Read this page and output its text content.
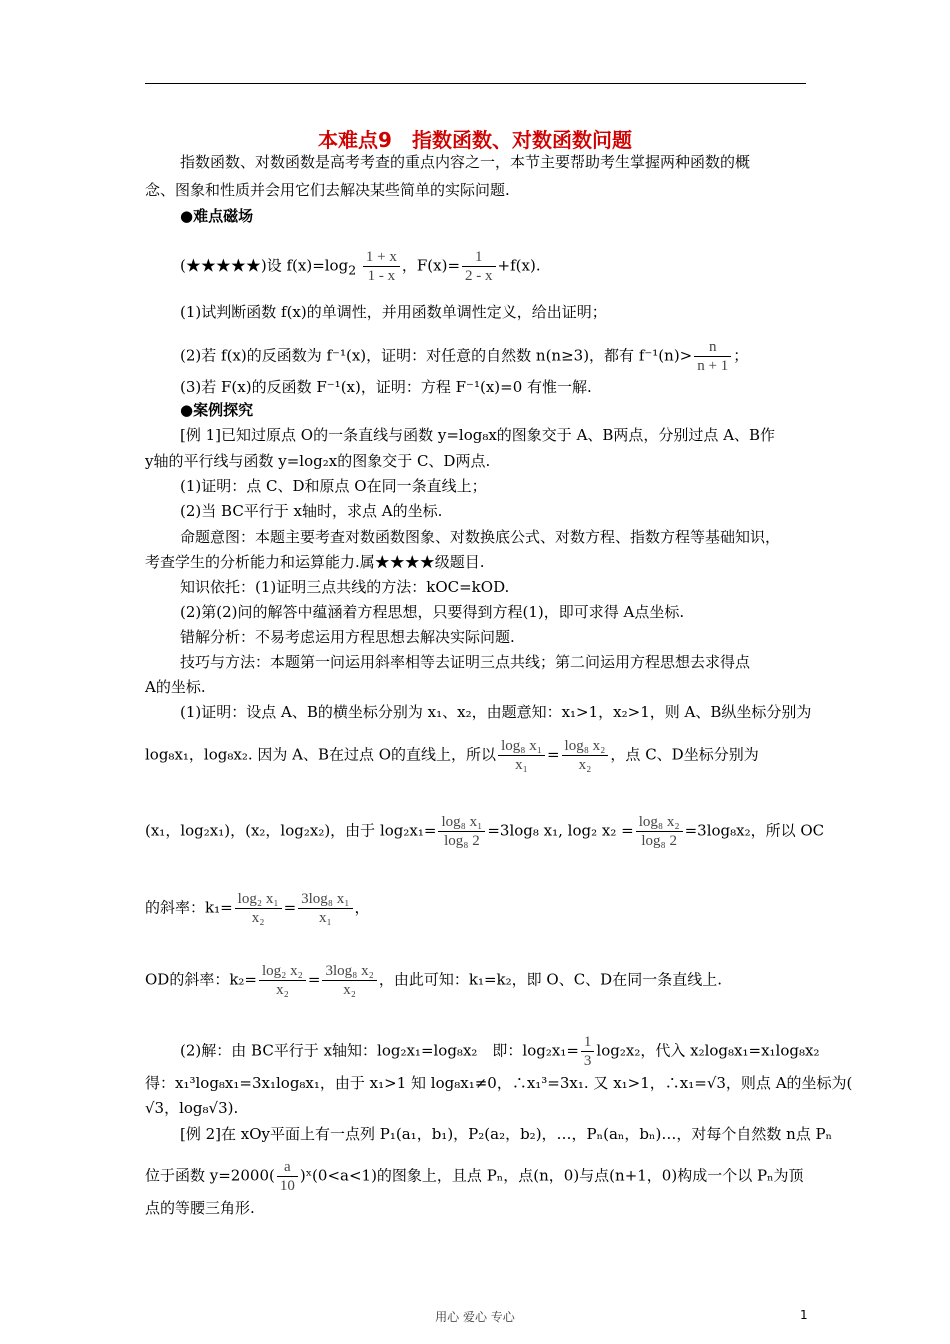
本难点9　指数函数、对数函数问题
指数函数、对数函数是高考考查的重点内容之一，本节主要帮助考生掌握两种函数的概
念、图象和性质并会用它们去解决某些简单的实际问题.
●难点磁场
(★★★★★)设 $f(x)=\log_2 \frac{1 + x}{1 - x}$ ，$F(x)= \frac{1}{2 - x} +f(x)$.
(1)试判断函数 f(x)的单调性，并用函数单调性定义，给出证明；
(2)若 f(x)的反函数为 f⁻¹(x)，证明：对任意的自然数 n(n≥3)，都有 $f^{-1}(n)> \frac{n}{n + 1}$ ；
(3)若 F(x)的反函数 F⁻¹(x)，证明：方程 F⁻¹(x)=0 有惟一解.
●案例探究
[例 1]已知过原点 O的一条直线与函数 y=log₈x的图象交于 A、B两点，分别过点 A、B作
y轴的平行线与函数 y=log₂x的图象交于 C、D两点.
(1)证明：点 C、D和原点 O在同一条直线上；
(2)当 BC平行于 x轴时，求点 A的坐标.
命题意图：本题主要考查对数函数图象、对数换底公式、对数方程、指数方程等基础知识，
考查学生的分析能力和运算能力.属★★★★级题目.
知识依托：(1)证明三点共线的方法：kOC=kOD.
(2)第(2)问的解答中蕴涵着方程思想，只要得到方程(1)，即可求得 A点坐标.
错解分析：不易考虑运用方程思想去解决实际问题.
技巧与方法：本题第一问运用斜率相等去证明三点共线；第二问运用方程思想去求得点
A的坐标.
(1)证明：设点 A、B的横坐标分别为 x₁、x₂，由题意知：x₁>1，x₂>1，则 A、B纵坐标分别为
log₈x₁，log₈x₂. 因为 A、B在过点 O的直线上，所以 $\frac{\text{log₈ x₁}}{\text{x₁}} = \frac{\text{log₈ x₂}}{\text{x₂}}$ ，点 C、D坐标分别为
(x₁，log₂x₁)，(x₂，log₂x₂)，由于 $\log_2x_1= \frac{\text{log₈ x₁}}{\text{log₈ 2}} =3\log_8$ x₁, log₂ $x_2 = \frac{\text{log₈ x₂}}{\text{log₈ 2}} =3\log_8x_2$，所以 OC
的斜率：$k_1= \frac{\text{log₂ x₁}}{\text{x₂}} = \frac{\text{3log₈ x₁}}{\text{x₁}}$ ，
OD的斜率：$k_2= \frac{\text{log₂ x₂}}{\text{x₂}} = \frac{\text{3log₈ x₂}}{\text{x₂}}$ ，由此可知：k₁=k₂，即 O、C、D在同一条直线上.
(2)解：由 BC平行于 x轴知：log₂x₁=log₈x₂　即：$\log_2x_1= \frac{1}{3} \log_2x_2$，代入 x₂log₈x₁=x₁log₈x₂
得：x₁³log₈x₁=3x₁log₈x₁，由于 x₁>1 知 log₈x₁≠0，∴x₁³=3x₁. 又 x₁>1，∴x₁=√3，则点 A的坐标为(
√3，log₈√3).
[例 2]在 xOy平面上有一点列 P₁(a₁，b₁)，P₂(a₂，b₂)，…，Pₙ(aₙ，bₙ)…，对每个自然数 n点 Pₙ
位于函数 $y=2000( \frac{a}{10}$ )ˣ(0<a<1)的图象上，且点 Pₙ，点(n，0)与点(n+1，0)构成一个以 Pₙ为顶
点的等腰三角形.
用心 爱心 专心	1
